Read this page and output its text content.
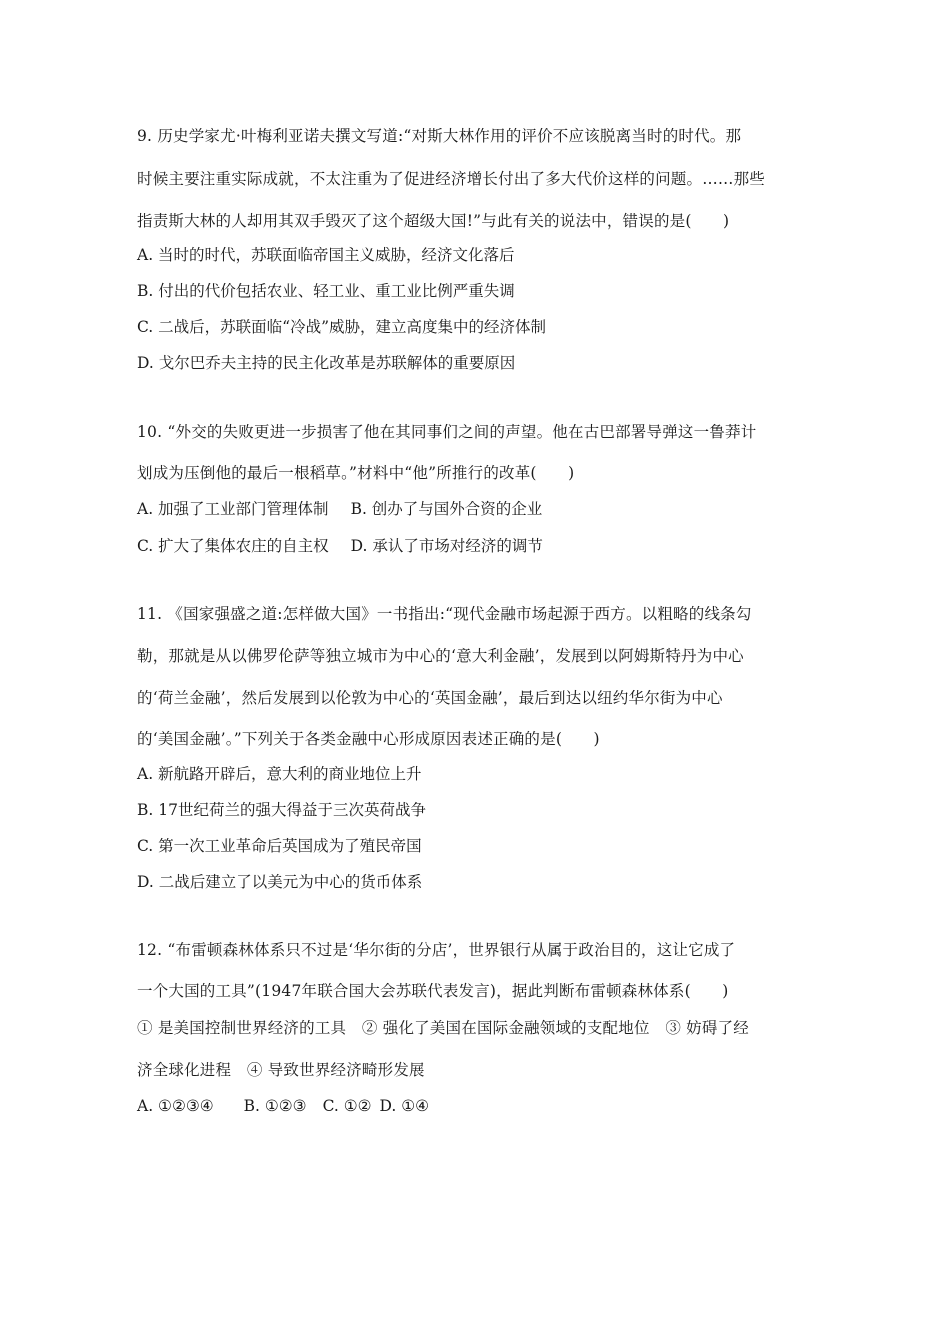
9. 历史学家尤·叶梅利亚诺夫撰文写道:“对斯大林作用的评价不应该脱离当时的时代。那
时候主要注重实际成就，不太注重为了促进经济增长付出了多大代价这样的问题。……那些
指责斯大林的人却用其双手毁灭了这个超级大国!”与此有关的说法中，错误的是(　　)
A. 当时的时代，苏联面临帝国主义威胁，经济文化落后
B. 付出的代价包括农业、轻工业、重工业比例严重失调
C. 二战后，苏联面临“冷战”威胁，建立高度集中的经济体制
D. 戈尔巴乔夫主持的民主化改革是苏联解体的重要原因
10. “外交的失败更进一步损害了他在其同事们之间的声望。他在古巴部署导弹这一鲁莽计
划成为压倒他的最后一根稻草。”材料中“他”所推行的改革(　　)
A. 加强了工业部门管理体制 B. 创办了与国外合资的企业
C. 扩大了集体农庄的自主权 D. 承认了市场对经济的调节
11. 《国家强盛之道:怎样做大国》一书指出:“现代金融市场起源于西方。以粗略的线条勾
勒，那就是从以佛罗伦萨等独立城市为中心的‘意大利金融’，发展到以阿姆斯特丹为中心
的‘荷兰金融’，然后发展到以伦敦为中心的‘英国金融’，最后到达以纽约华尔街为中心
的‘美国金融’。”下列关于各类金融中心形成原因表述正确的是(　　)
A. 新航路开辟后，意大利的商业地位上升
B. 17世纪荷兰的强大得益于三次英荷战争
C. 第一次工业革命后英国成为了殖民帝国
D. 二战后建立了以美元为中心的货币体系
12. “布雷顿森林体系只不过是‘华尔街的分店’，世界银行从属于政治目的，这让它成了
一个大国的工具”(1947年联合国大会苏联代表发言)，据此判断布雷顿森林体系(　　)
① 是美国控制世界经济的工具　② 强化了美国在国际金融领域的支配地位　③ 妨碍了经
济全球化进程　④ 导致世界经济畸形发展
A. ①②③④ B. ①②③ C. ①② D. ①④
